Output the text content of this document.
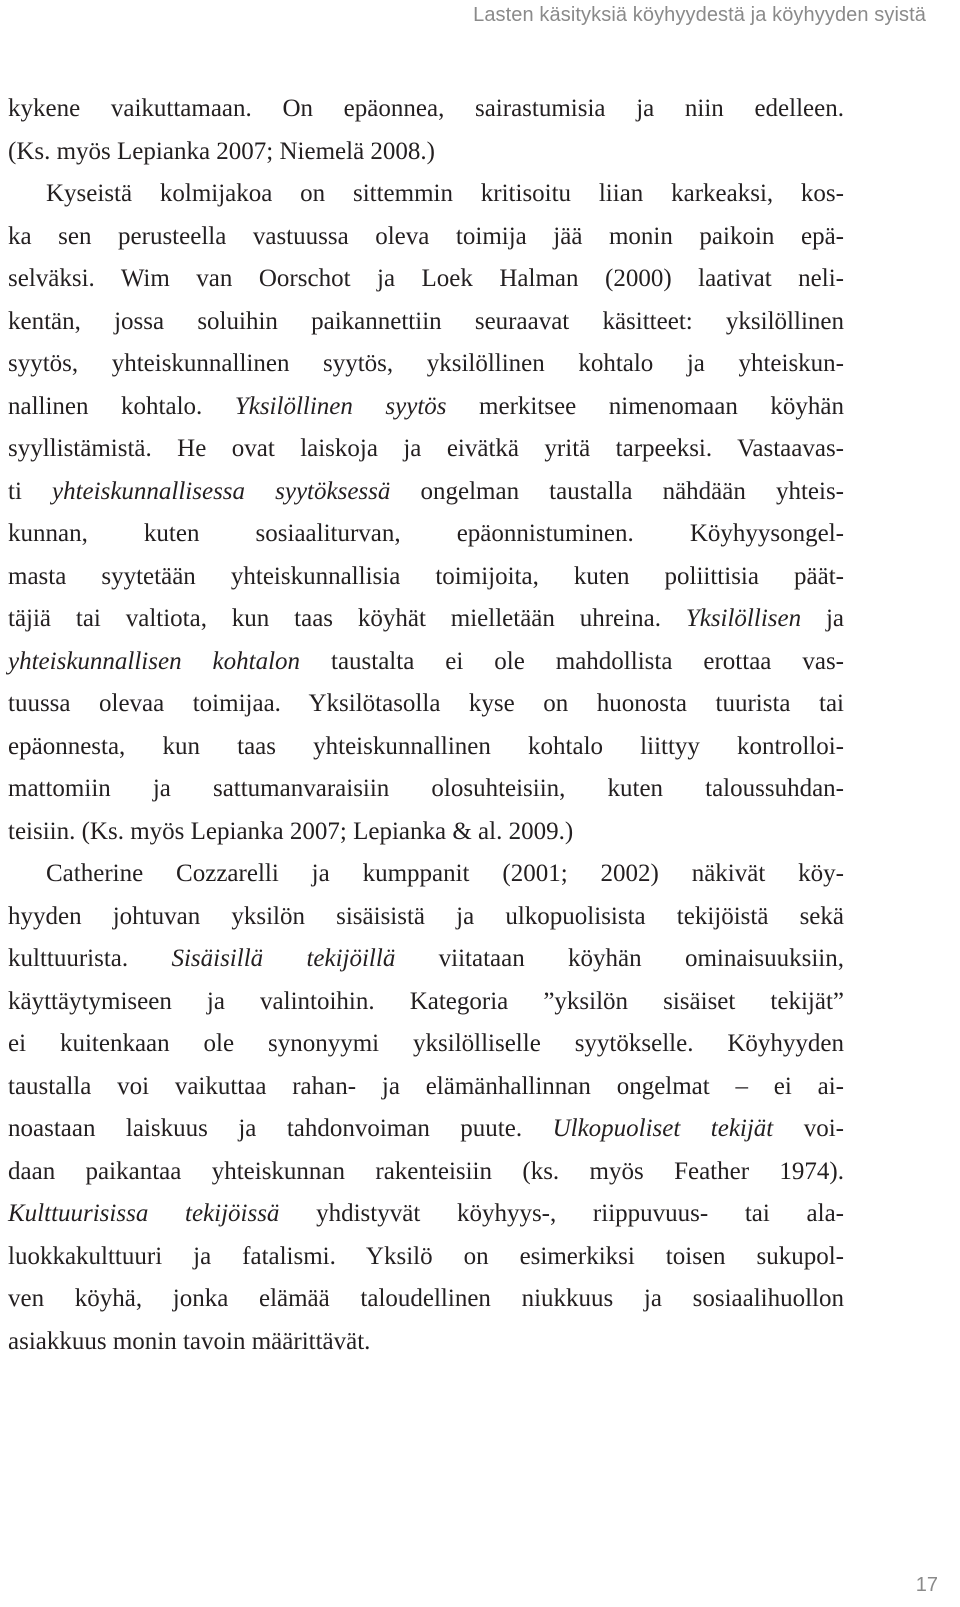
Lasten käsityksiä köyhyydestä ja köyhyyden syistä
kykene vaikuttamaan. On epäonnea, sairastumisia ja niin edelleen.
(Ks. myös Lepianka 2007; Niemelä 2008.)
Kyseistä kolmijakoa on sittemmin kritisoitu liian karkeaksi, kos-
ka sen perusteella vastuussa oleva toimija jää monin paikoin epä-
selväksi. Wim van Oorschot ja Loek Halman (2000) laativat neli-
kentän, jossa soluihin paikannettiin seuraavat käsitteet: yksilöllinen
syytös, yhteiskunnallinen syytös, yksilöllinen kohtalo ja yhteiskun-
nallinen kohtalo. Yksilöllinen syytös merkitsee nimenomaan köyhän
syyllistämistä. He ovat laiskoja ja eivätkä yritä tarpeeksi. Vastaavas-
ti yhteiskunnallisessa syytöksessä ongelman taustalla nähdään yhteis-
kunnan, kuten sosiaaliturvan, epäonnistuminen. Köyhyysongel-
masta syytetään yhteiskunnallisia toimijoita, kuten poliittisia päät-
täjiä tai valtiota, kun taas köyhät mielletään uhreina. Yksilöllisen ja
yhteiskunnallisen kohtalon taustalta ei ole mahdollista erottaa vas-
tuussa olevaa toimijaa. Yksilötasolla kyse on huonosta tuurista tai
epäonnesta, kun taas yhteiskunnallinen kohtalo liittyy kontrolloi-
mattomiin ja sattumanvaraisiin olosuhteisiin, kuten taloussuhdan-
teisiin. (Ks. myös Lepianka 2007; Lepianka & al. 2009.)
Catherine Cozzarelli ja kumppanit (2001; 2002) näkivät köy-
hyyden johtuvan yksilön sisäisistä ja ulkopuolisista tekijöistä sekä
kulttuurista. Sisäisillä tekijöillä viitataan köyhän ominaisuuksiin,
käyttäytymiseen ja valintoihin. Kategoria ”yksilön sisäiset tekijät”
ei kuitenkaan ole synonyymi yksilölliselle syytökselle. Köyhyyden
taustalla voi vaikuttaa rahan- ja elämänhallinnan ongelmat – ei ai-
noastaan laiskuus ja tahdonvoiman puute. Ulkopuoliset tekijät voi-
daan paikantaa yhteiskunnan rakenteisiin (ks. myös Feather 1974).
Kulttuurisissa tekijöissä yhdistyvät köyhyys-, riippuvuus- tai ala-
luokkakulttuuri ja fatalismi. Yksilö on esimerkiksi toisen sukupol-
ven köyhä, jonka elämää taloudellinen niukkuus ja sosiaalihuollon
asiakkuus monin tavoin määrittävät.
17
